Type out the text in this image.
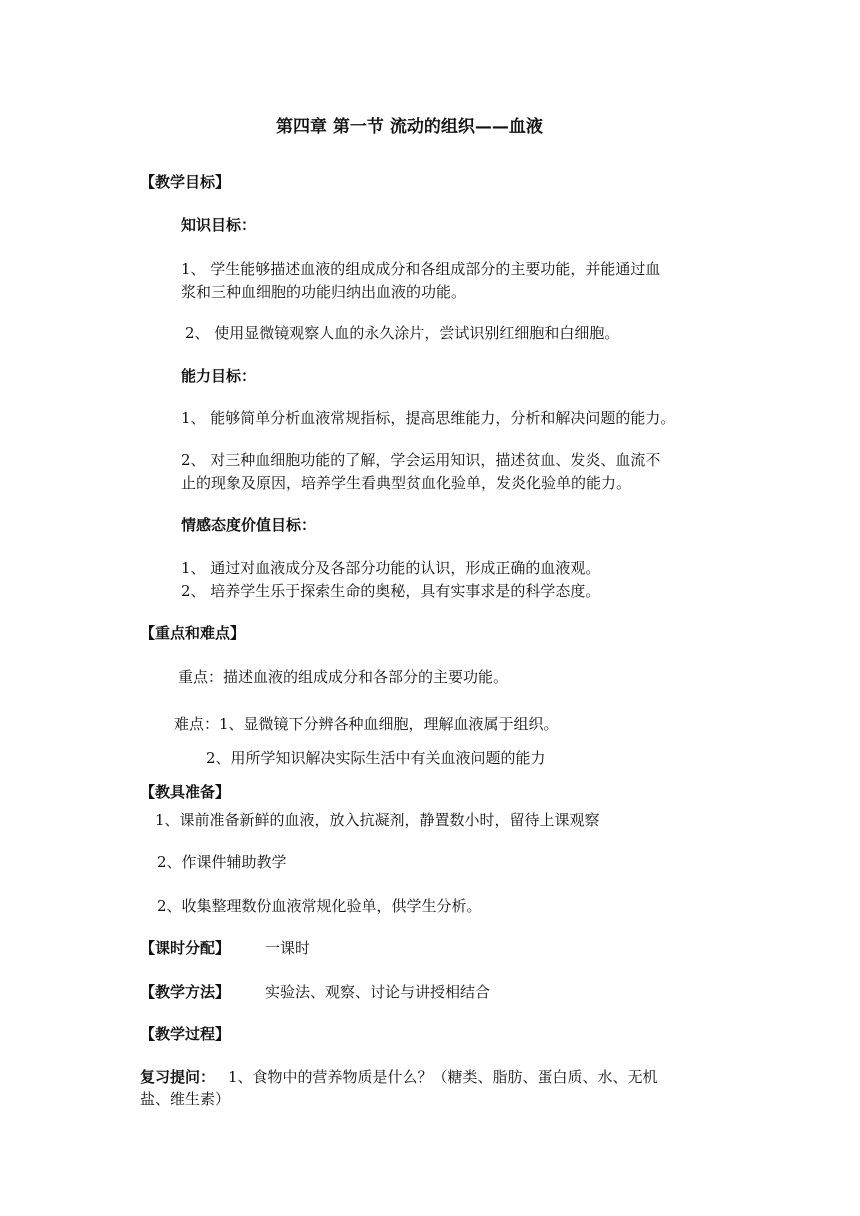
第四章 第一节 流动的组织——血液
【教学目标】
知识目标：
1、 学生能够描述血液的组成成分和各组成部分的主要功能，并能通过血
浆和三种血细胞的功能归纳出血液的功能。
2、 使用显微镜观察人血的永久涂片，尝试识别红细胞和白细胞。
能力目标：
1、 能够简单分析血液常规指标，提高思维能力，分析和解决问题的能力。
2、 对三种血细胞功能的了解，学会运用知识，描述贫血、发炎、血流不
止的现象及原因，培养学生看典型贫血化验单，发炎化验单的能力。
情感态度价值目标：
1、 通过对血液成分及各部分功能的认识，形成正确的血液观。
2、 培养学生乐于探索生命的奥秘，具有实事求是的科学态度。
【重点和难点】
重点：描述血液的组成成分和各部分的主要功能。
难点：1、显微镜下分辨各种血细胞，理解血液属于组织。
2、用所学知识解决实际生活中有关血液问题的能力
【教具准备】
1、课前准备新鲜的血液，放入抗凝剂，静置数小时，留待上课观察
2、作课件辅助教学
2、收集整理数份血液常规化验单，供学生分析。
【课时分配】 一课时
【教学方法】 实验法、观察、讨论与讲授相结合
【教学过程】
复习提问： 1、食物中的营养物质是什么？（糖类、脂肪、蛋白质、水、无机
盐、维生素）
